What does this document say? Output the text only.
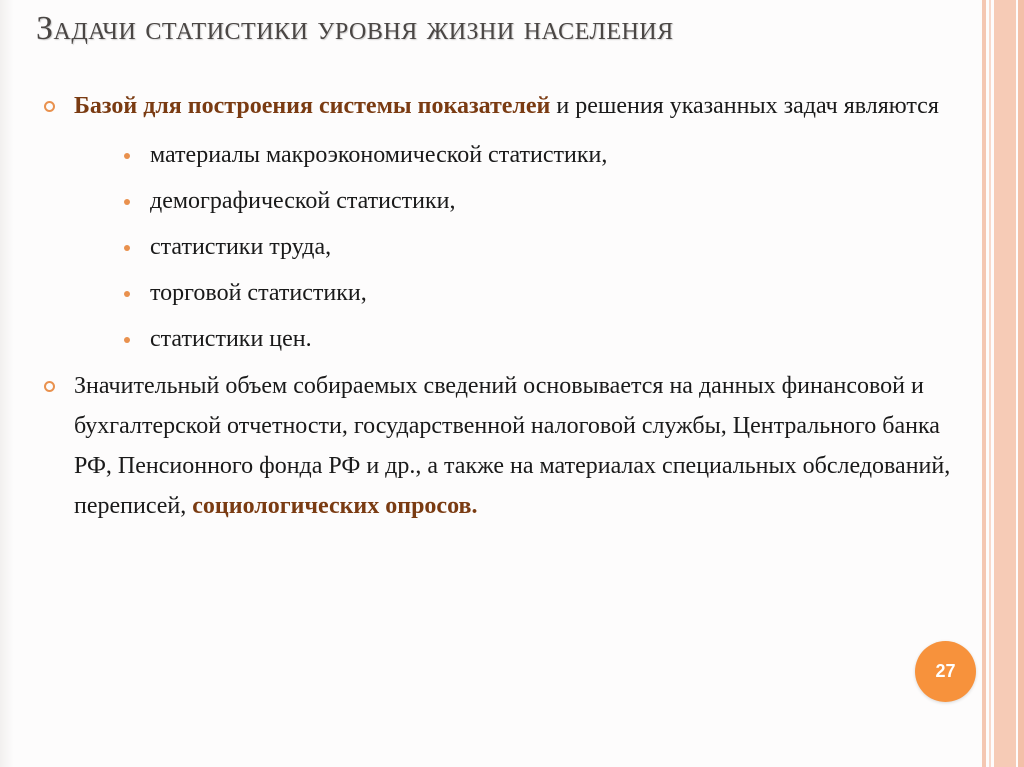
Задачи статистики уровня жизни населения
Базой для построения системы показателей и решения указанных задач являются
материалы макроэкономической статистики,
демографической статистики,
статистики труда,
торговой статистики,
статистики цен.
Значительный объем собираемых сведений основывается на данных финансовой и бухгалтерской отчетности, государственной налоговой службы, Центрального банка РФ, Пенсионного фонда РФ и др., а также на материалах специальных обследований, переписей, социологических опросов.
27
